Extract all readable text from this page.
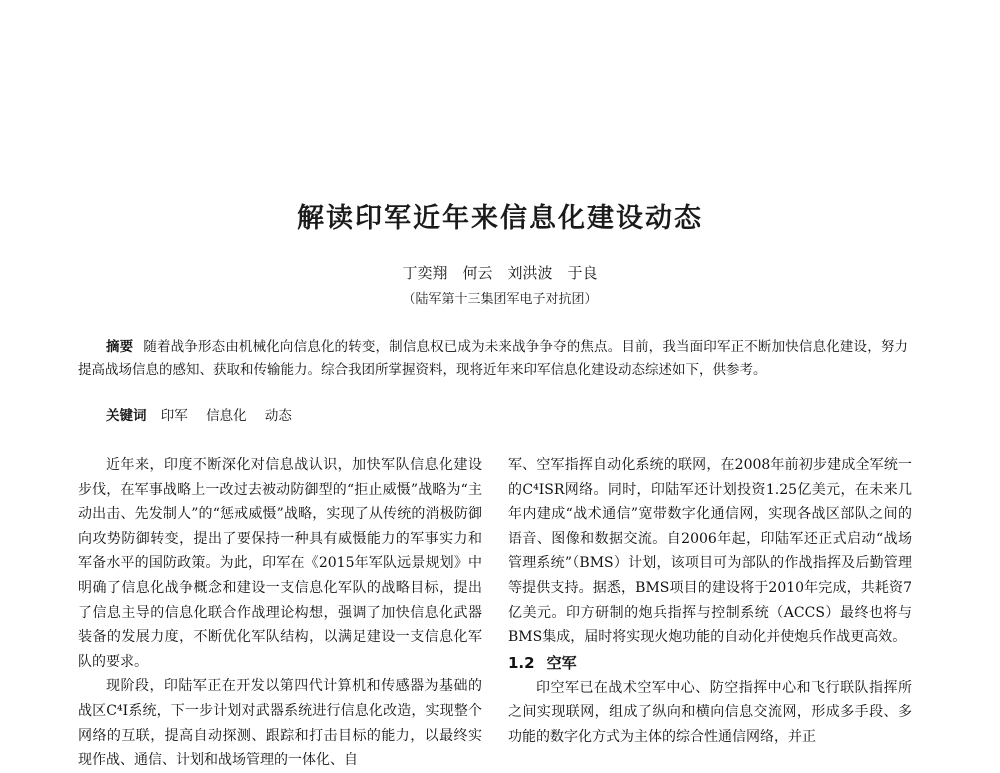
解读印军近年来信息化建设动态
丁奕翔　何云　刘洪波　于良
（陆军第十三集团军电子对抗团）
摘要 随着战争形态由机械化向信息化的转变，制信息权已成为未来战争争夺的焦点。目前，我当面印军正不断加快信息化建设，努力提高战场信息的感知、获取和传输能力。综合我团所掌握资料，现将近年来印军信息化建设动态综述如下，供参考。
关键词 印军 信息化 动态

近年来，印度不断深化对信息战认识，加快军队信息化建设步伐，在军事战略上一改过去被动防御型的“拒止威慑”战略为“主动出击、先发制人”的“惩戒威慑”战略，实现了从传统的消极防御向攻势防御转变，提出了要保持一种具有威慑能力的军事实力和军备水平的国防政策。为此，印军在《2015年军队远景规划》中明确了信息化战争概念和建设一支信息化军队的战略目标，提出了信息主导的信息化联合作战理论构想，强调了加快信息化武器装备的发展力度，不断优化军队结构，以满足建设一支信息化军队的要求。

现阶段，印陆军正在开发以第四代计算机和传感器为基础的战区C⁴I系统，下一步计划对武器系统进行信息化改造，实现整个网络的互联，提高自动探测、跟踪和打击目标的能力，以最终实现作战、通信、计划和战场管理的一体化、自

军、空军指挥自动化系统的联网，在2008年前初步建成全军统一的C⁴ISR网络。同时，印陆军还计划投资1.25亿美元，在未来几年内建成“战术通信”宽带数字化通信网，实现各战区部队之间的语音、图像和数据交流。自2006年起，印陆军还正式启动“战场管理系统”（BMS）计划，该项目可为部队的作战指挥及后勤管理等提供支持。据悉，BMS项目的建设将于2010年完成，共耗资7亿美元。印方研制的炮兵指挥与控制系统（ACCS）最终也将与BMS集成，届时将实现火炮功能的自动化并使炮兵作战更高效。

1.2 空军

印空军已在战术空军中心、防空指挥中心和飞行联队指挥所之间实现联网，组成了纵向和横向信息交流网，形成多手段、多功能的数字化方式为主体的综合性通信网络，并正
